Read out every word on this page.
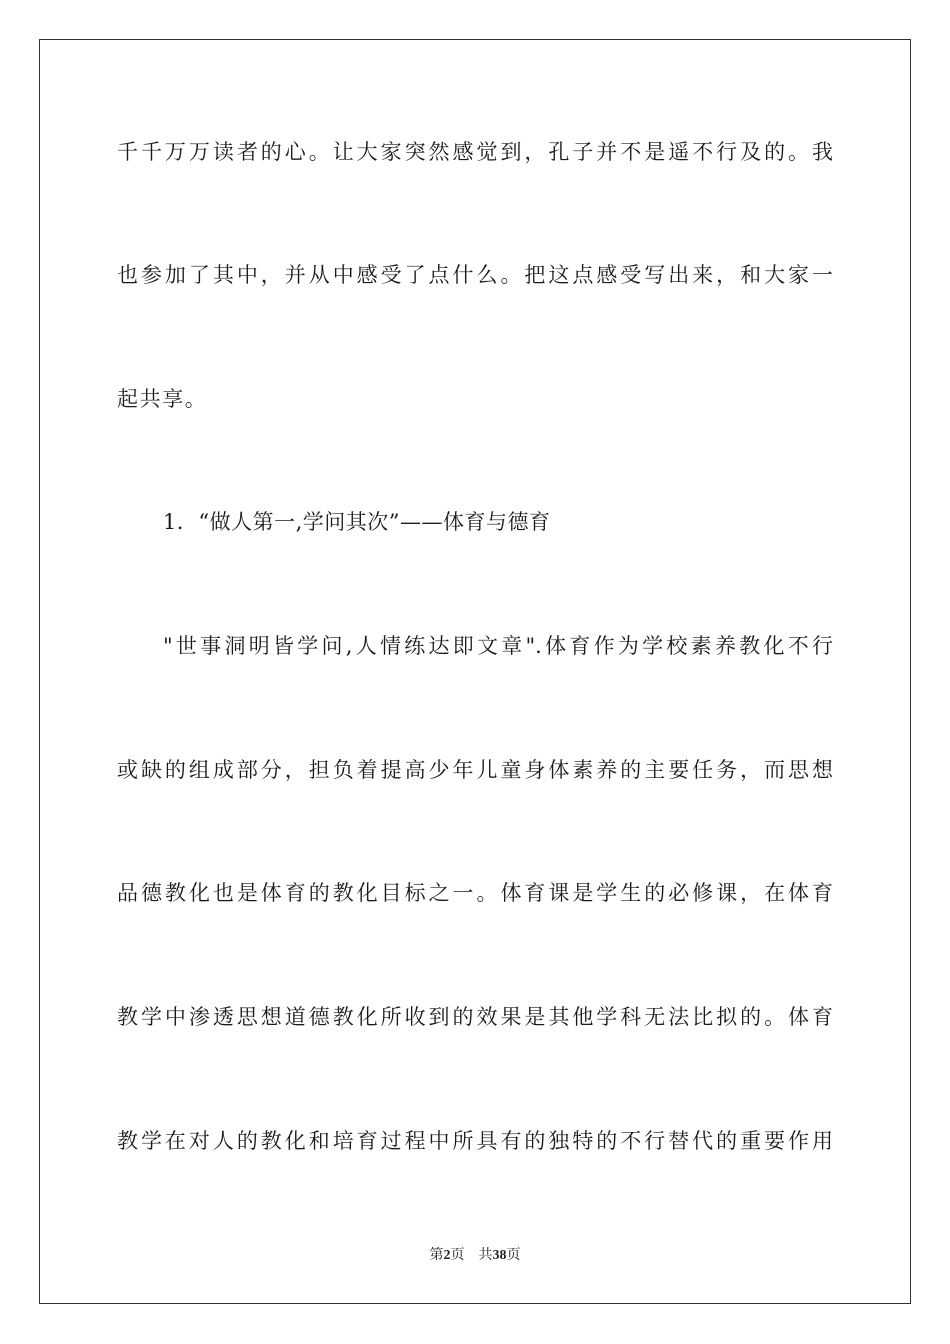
千千万万读者的心。让大家突然感觉到，孔子并不是遥不行及的。我
也参加了其中，并从中感受了点什么。把这点感受写出来，和大家一
起共享。
1．“做人第一,学问其次”——体育与德育
"世事洞明皆学问,人情练达即文章".体育作为学校素养教化不行
或缺的组成部分，担负着提高少年儿童身体素养的主要任务，而思想
品德教化也是体育的教化目标之一。体育课是学生的必修课，在体育
教学中渗透思想道德教化所收到的效果是其他学科无法比拟的。体育
教学在对人的教化和培育过程中所具有的独特的不行替代的重要作用
第2页 共38页
